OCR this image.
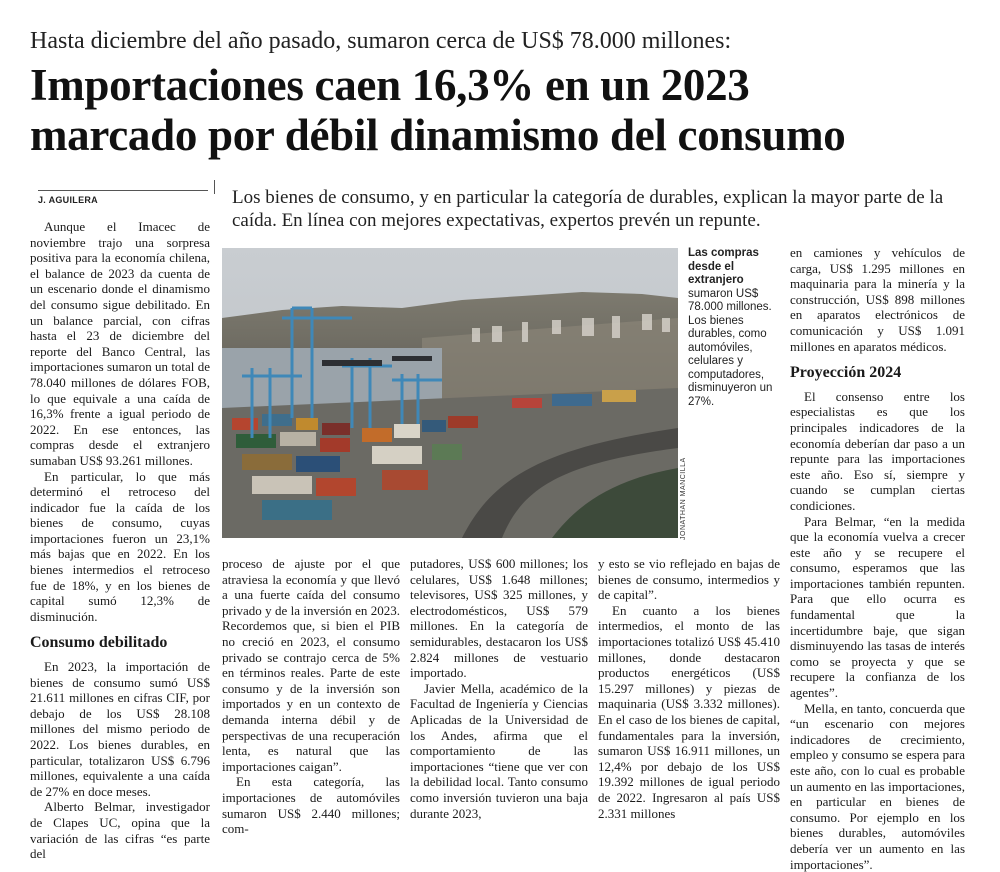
Hasta diciembre del año pasado, sumaron cerca de US$ 78.000 millones:
Importaciones caen 16,3% en un 2023
marcado por débil dinamismo del consumo
J. AGUILERA	Los bienes de consumo, y en particular la categoría de durables, explican la mayor parte de la caída. En línea con mejores expectativas, expertos prevén un repunte.

Aunque el Imacec de noviembre trajo una sorpresa positiva para la economía chilena, el balance de 2023 da cuenta de un escenario donde el dinamismo del consumo sigue debilitado. En un balance parcial, con cifras hasta el 23 de diciembre del reporte del Banco Central, las importaciones sumaron un total de 78.040 millones de dólares FOB, lo que equivale a una caída de 16,3% frente a igual periodo de 2022. En ese entonces, las compras desde el extranjero sumaban US$ 93.261 millones.

En particular, lo que más determinó el retroceso del indicador fue la caída de los bienes de consumo, cuyas importaciones fueron un 23,1% más bajas que en 2022. En los bienes intermedios el retroceso fue de 18%, y en los bienes de capital sumó 12,3% de disminución.

Consumo debilitado

En 2023, la importación de bienes de consumo sumó US$ 21.611 millones en cifras CIF, por debajo de los US$ 28.108 millones del mismo periodo de 2022. Los bienes durables, en particular, totalizaron US$ 6.796 millones, equivalente a una caída de 27% en doce meses.

Alberto Belmar, investigador de Clapes UC, opina que la variación de las cifras “es parte del

JONATHAN MANCILLA
Las compras desde el extranjero
sumaron US$ 78.000 millones. Los bienes durables, como automóviles, celulares y computadores, disminuyeron un 27%.

en camiones y vehículos de carga, US$ 1.295 millones en maquinaria para la minería y la construcción, US$ 898 millones en aparatos electrónicos de comunicación y US$ 1.091 millones en aparatos médicos.

Proyección 2024

El consenso entre los especialistas es que los principales indicadores de la economía deberían dar paso a un repunte para las importaciones este año. Eso sí, siempre y cuando se cumplan ciertas condiciones.

Para Belmar, “en la medida que la economía vuelva a crecer este año y se recupere el consumo, esperamos que las importaciones también repunten. Para que ello ocurra es fundamental que la incertidumbre baje, que sigan disminuyendo las tasas de interés como se proyecta y que se recupere la confianza de los agentes”.

Mella, en tanto, concuerda que “un escenario con mejores indicadores de crecimiento, empleo y consumo se espera para este año, con lo cual es probable un aumento en las importaciones, en particular en bienes de consumo. Por ejemplo en los bienes durables, automóviles debería ver un aumento en las importaciones”.

proceso de ajuste por el que atraviesa la economía y que llevó a una fuerte caída del consumo privado y de la inversión en 2023. Recordemos que, si bien el PIB no creció en 2023, el consumo privado se contrajo cerca de 5% en términos reales. Parte de este consumo y de la inversión son importados y en un contexto de demanda interna débil y de perspectivas de una recuperación lenta, es natural que las importaciones caigan”.

En esta categoría, las importaciones de automóviles sumaron US$ 2.440 millones; com-

putadores, US$ 600 millones; los celulares, US$ 1.648 millones; televisores, US$ 325 millones, y electrodomésticos, US$ 579 millones. En la categoría de semidurables, destacaron los US$ 2.824 millones de vestuario importado.

Javier Mella, académico de la Facultad de Ingeniería y Ciencias Aplicadas de la Universidad de los Andes, afirma que el comportamiento de las importaciones “tiene que ver con la debilidad local. Tanto consumo como inversión tuvieron una baja durante 2023,

y esto se vio reflejado en bajas de bienes de consumo, intermedios y de capital”.

En cuanto a los bienes intermedios, el monto de las importaciones totalizó US$ 45.410 millones, donde destacaron productos energéticos (US$ 15.297 millones) y piezas de maquinaria (US$ 3.332 millones). En el caso de los bienes de capital, fundamentales para la inversión, sumaron US$ 16.911 millones, un 12,4% por debajo de los US$ 19.392 millones de igual periodo de 2022. Ingresaron al país US$ 2.331 millones
